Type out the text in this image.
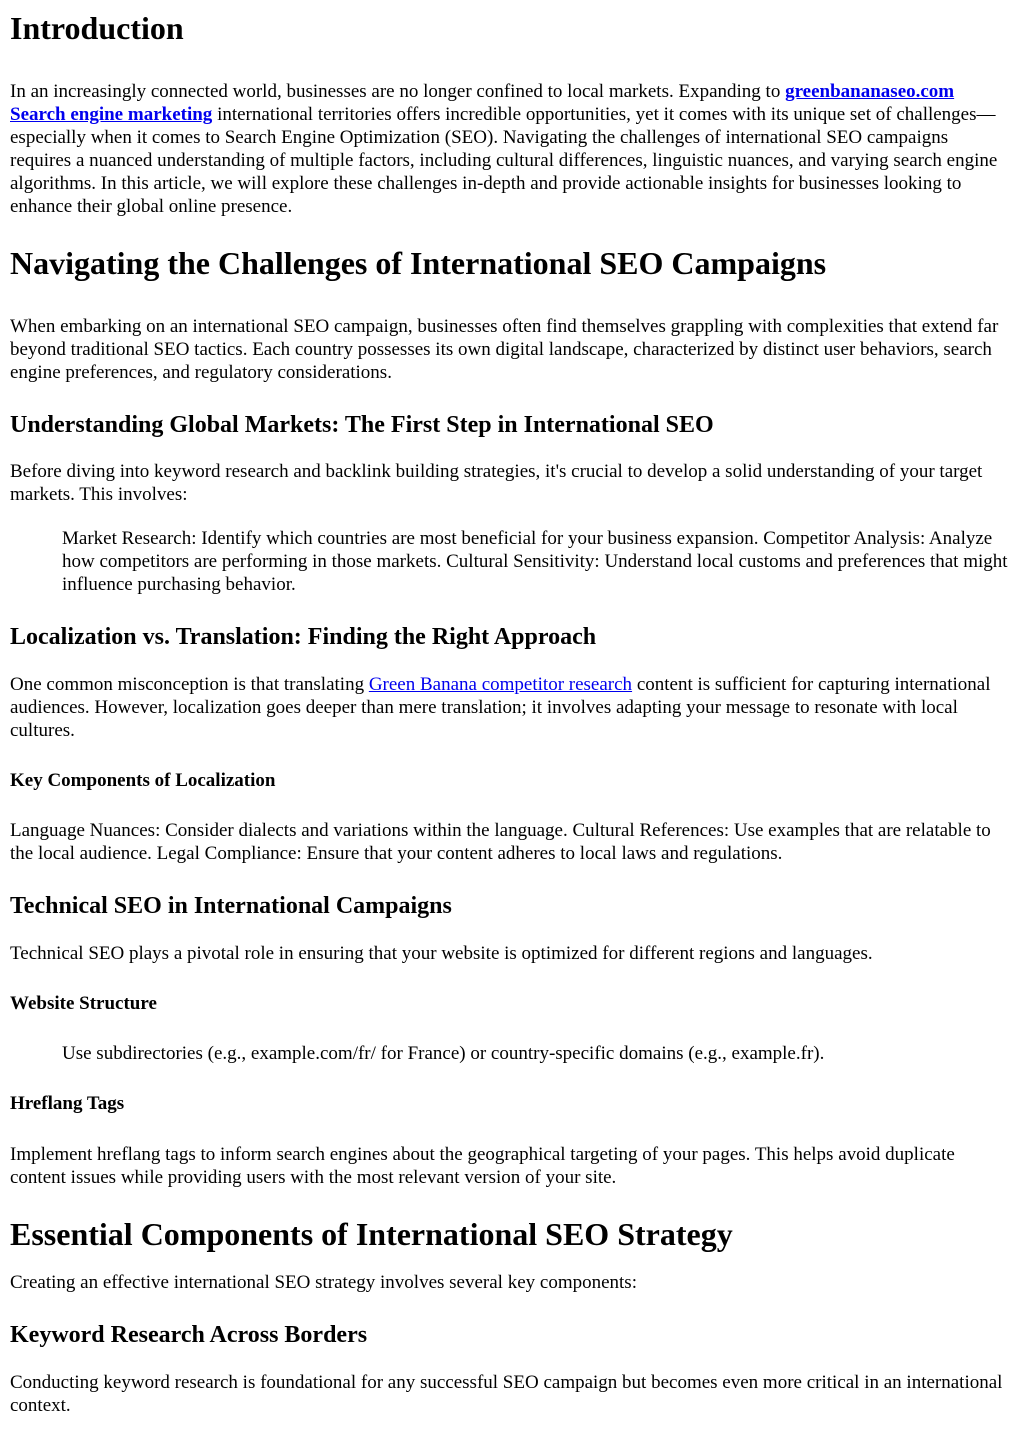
Introduction

In an increasingly connected world, businesses are no longer confined to local markets. Expanding to greenbananaseo.com Search engine marketing international territories offers incredible opportunities, yet it comes with its unique set of challenges—especially when it comes to Search Engine Optimization (SEO). Navigating the challenges of international SEO campaigns requires a nuanced understanding of multiple factors, including cultural differences, linguistic nuances, and varying search engine algorithms. In this article, we will explore these challenges in-depth and provide actionable insights for businesses looking to enhance their global online presence.

Navigating the Challenges of International SEO Campaigns

When embarking on an international SEO campaign, businesses often find themselves grappling with complexities that extend far beyond traditional SEO tactics. Each country possesses its own digital landscape, characterized by distinct user behaviors, search engine preferences, and regulatory considerations.

Understanding Global Markets: The First Step in International SEO

Before diving into keyword research and backlink building strategies, it's crucial to develop a solid understanding of your target markets. This involves:

Market Research: Identify which countries are most beneficial for your business expansion. Competitor Analysis: Analyze how competitors are performing in those markets. Cultural Sensitivity: Understand local customs and preferences that might influence purchasing behavior.

Localization vs. Translation: Finding the Right Approach

One common misconception is that translating Green Banana competitor research content is sufficient for capturing international audiences. However, localization goes deeper than mere translation; it involves adapting your message to resonate with local cultures.

Key Components of Localization

Language Nuances: Consider dialects and variations within the language. Cultural References: Use examples that are relatable to the local audience. Legal Compliance: Ensure that your content adheres to local laws and regulations.

Technical SEO in International Campaigns

Technical SEO plays a pivotal role in ensuring that your website is optimized for different regions and languages.

Website Structure

Use subdirectories (e.g., example.com/fr/ for France) or country-specific domains (e.g., example.fr).

Hreflang Tags

Implement hreflang tags to inform search engines about the geographical targeting of your pages. This helps avoid duplicate content issues while providing users with the most relevant version of your site.

Essential Components of International SEO Strategy

Creating an effective international SEO strategy involves several key components:

Keyword Research Across Borders

Conducting keyword research is foundational for any successful SEO campaign but becomes even more critical in an international context.
